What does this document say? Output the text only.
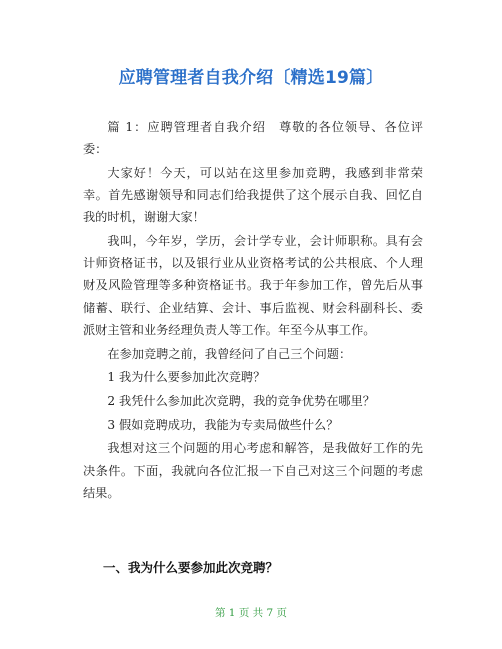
应聘管理者自我介绍〔精选19篇〕

篇 1：应聘管理者自我介绍　尊敬的各位领导、各位评委：

大家好！今天，可以站在这里参加竞聘，我感到非常荣幸。首先感谢领导和同志们给我提供了这个展示自我、回忆自我的时机，谢谢大家！

我叫，今年岁，学历，会计学专业，会计师职称。具有会计师资格证书，以及银行业从业资格考试的公共根底、个人理财及风险管理等多种资格证书。我于年参加工作，曾先后从事储蓄、联行、企业结算、会计、事后监视、财会科副科长、委派财主管和业务经理负责人等工作。年至今从事工作。

在参加竞聘之前，我曾经问了自己三个问题：

1 我为什么要参加此次竞聘？

2 我凭什么参加此次竞聘，我的竞争优势在哪里？

3 假如竞聘成功，我能为专卖局做些什么？

我想对这三个问题的用心考虑和解答，是我做好工作的先决条件。下面，我就向各位汇报一下自己对这三个问题的考虑结果。

一、我为什么要参加此次竞聘？
第 1 页 共 7 页
